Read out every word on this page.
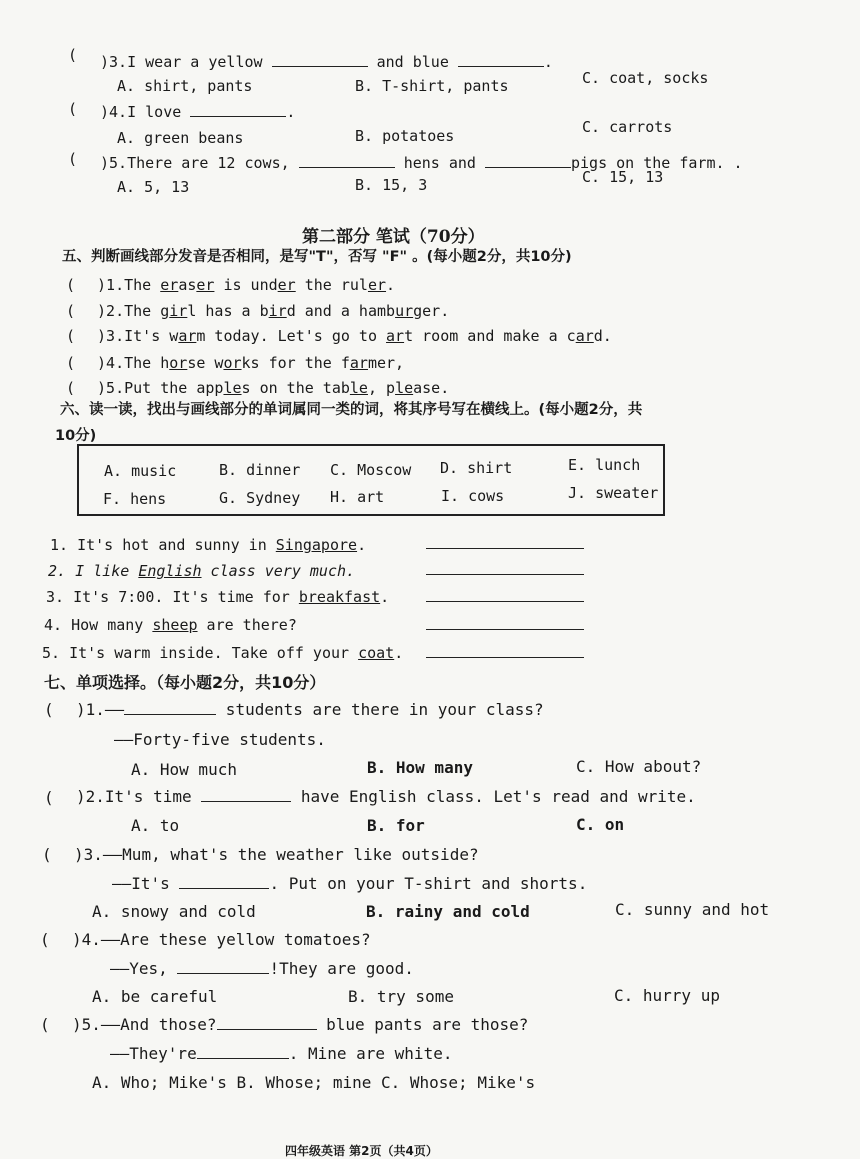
( )3.I wear a yellow	and blue	.
A. shirt, pants	B. T-shirt, pants	C. coat, socks
( )4.I love	.
A. green beans	B. potatoes	C. carrots
( )5.There are 12 cows,	hens and	pigs on the farm. .
A. 5, 13	B. 15, 3	C. 15, 13
第二部分 笔试（70分）
五、判断画线部分发音是否相同，是写"T"，否写 "F" 。(每小题2分，共10分)
( )1.The eraser is under the ruler.
( )2.The girl has a bird and a hamburger.
( )3.It's warm today. Let's go to art room and make a card.
( )4.The horse works for the farmer,
( )5.Put the apples on the table, please.
六、读一读，找出与画线部分的单词属同一类的词，将其序号写在横线上。(每小题2分，共
10分)
A. music	B. dinner C. Moscow D. shirt	E. lunch
F. hens	G. Sydney H. art	I. cows	J. sweater
1. It's hot and sunny in Singapore.
2. I like English class very much.
3. It's 7:00. It's time for breakfast.
4. How many sheep are there?
5. It's warm inside. Take off your coat.
七、单项选择。（每小题2分，共10分）
( )1.——	students are there in your class?
——Forty-five students.
A. How much	B. How many	C. How about?
( )2.It's time	have English class. Let's read and write.
A. to	B. for	C. on
( )3.——Mum, what's the weather like outside?
——It's	. Put on your T-shirt and shorts.
A. snowy and cold	B. rainy and cold	C. sunny and hot
( )4.——Are these yellow tomatoes?
——Yes,	!They are good.
A. be careful	B. try some	C. hurry up
( )5.——And those?	blue pants are those?
——They're	. Mine are white.
A. Who; Mike's B. Whose; mine C. Whose; Mike's
四年级英语 第2页（共4页）
